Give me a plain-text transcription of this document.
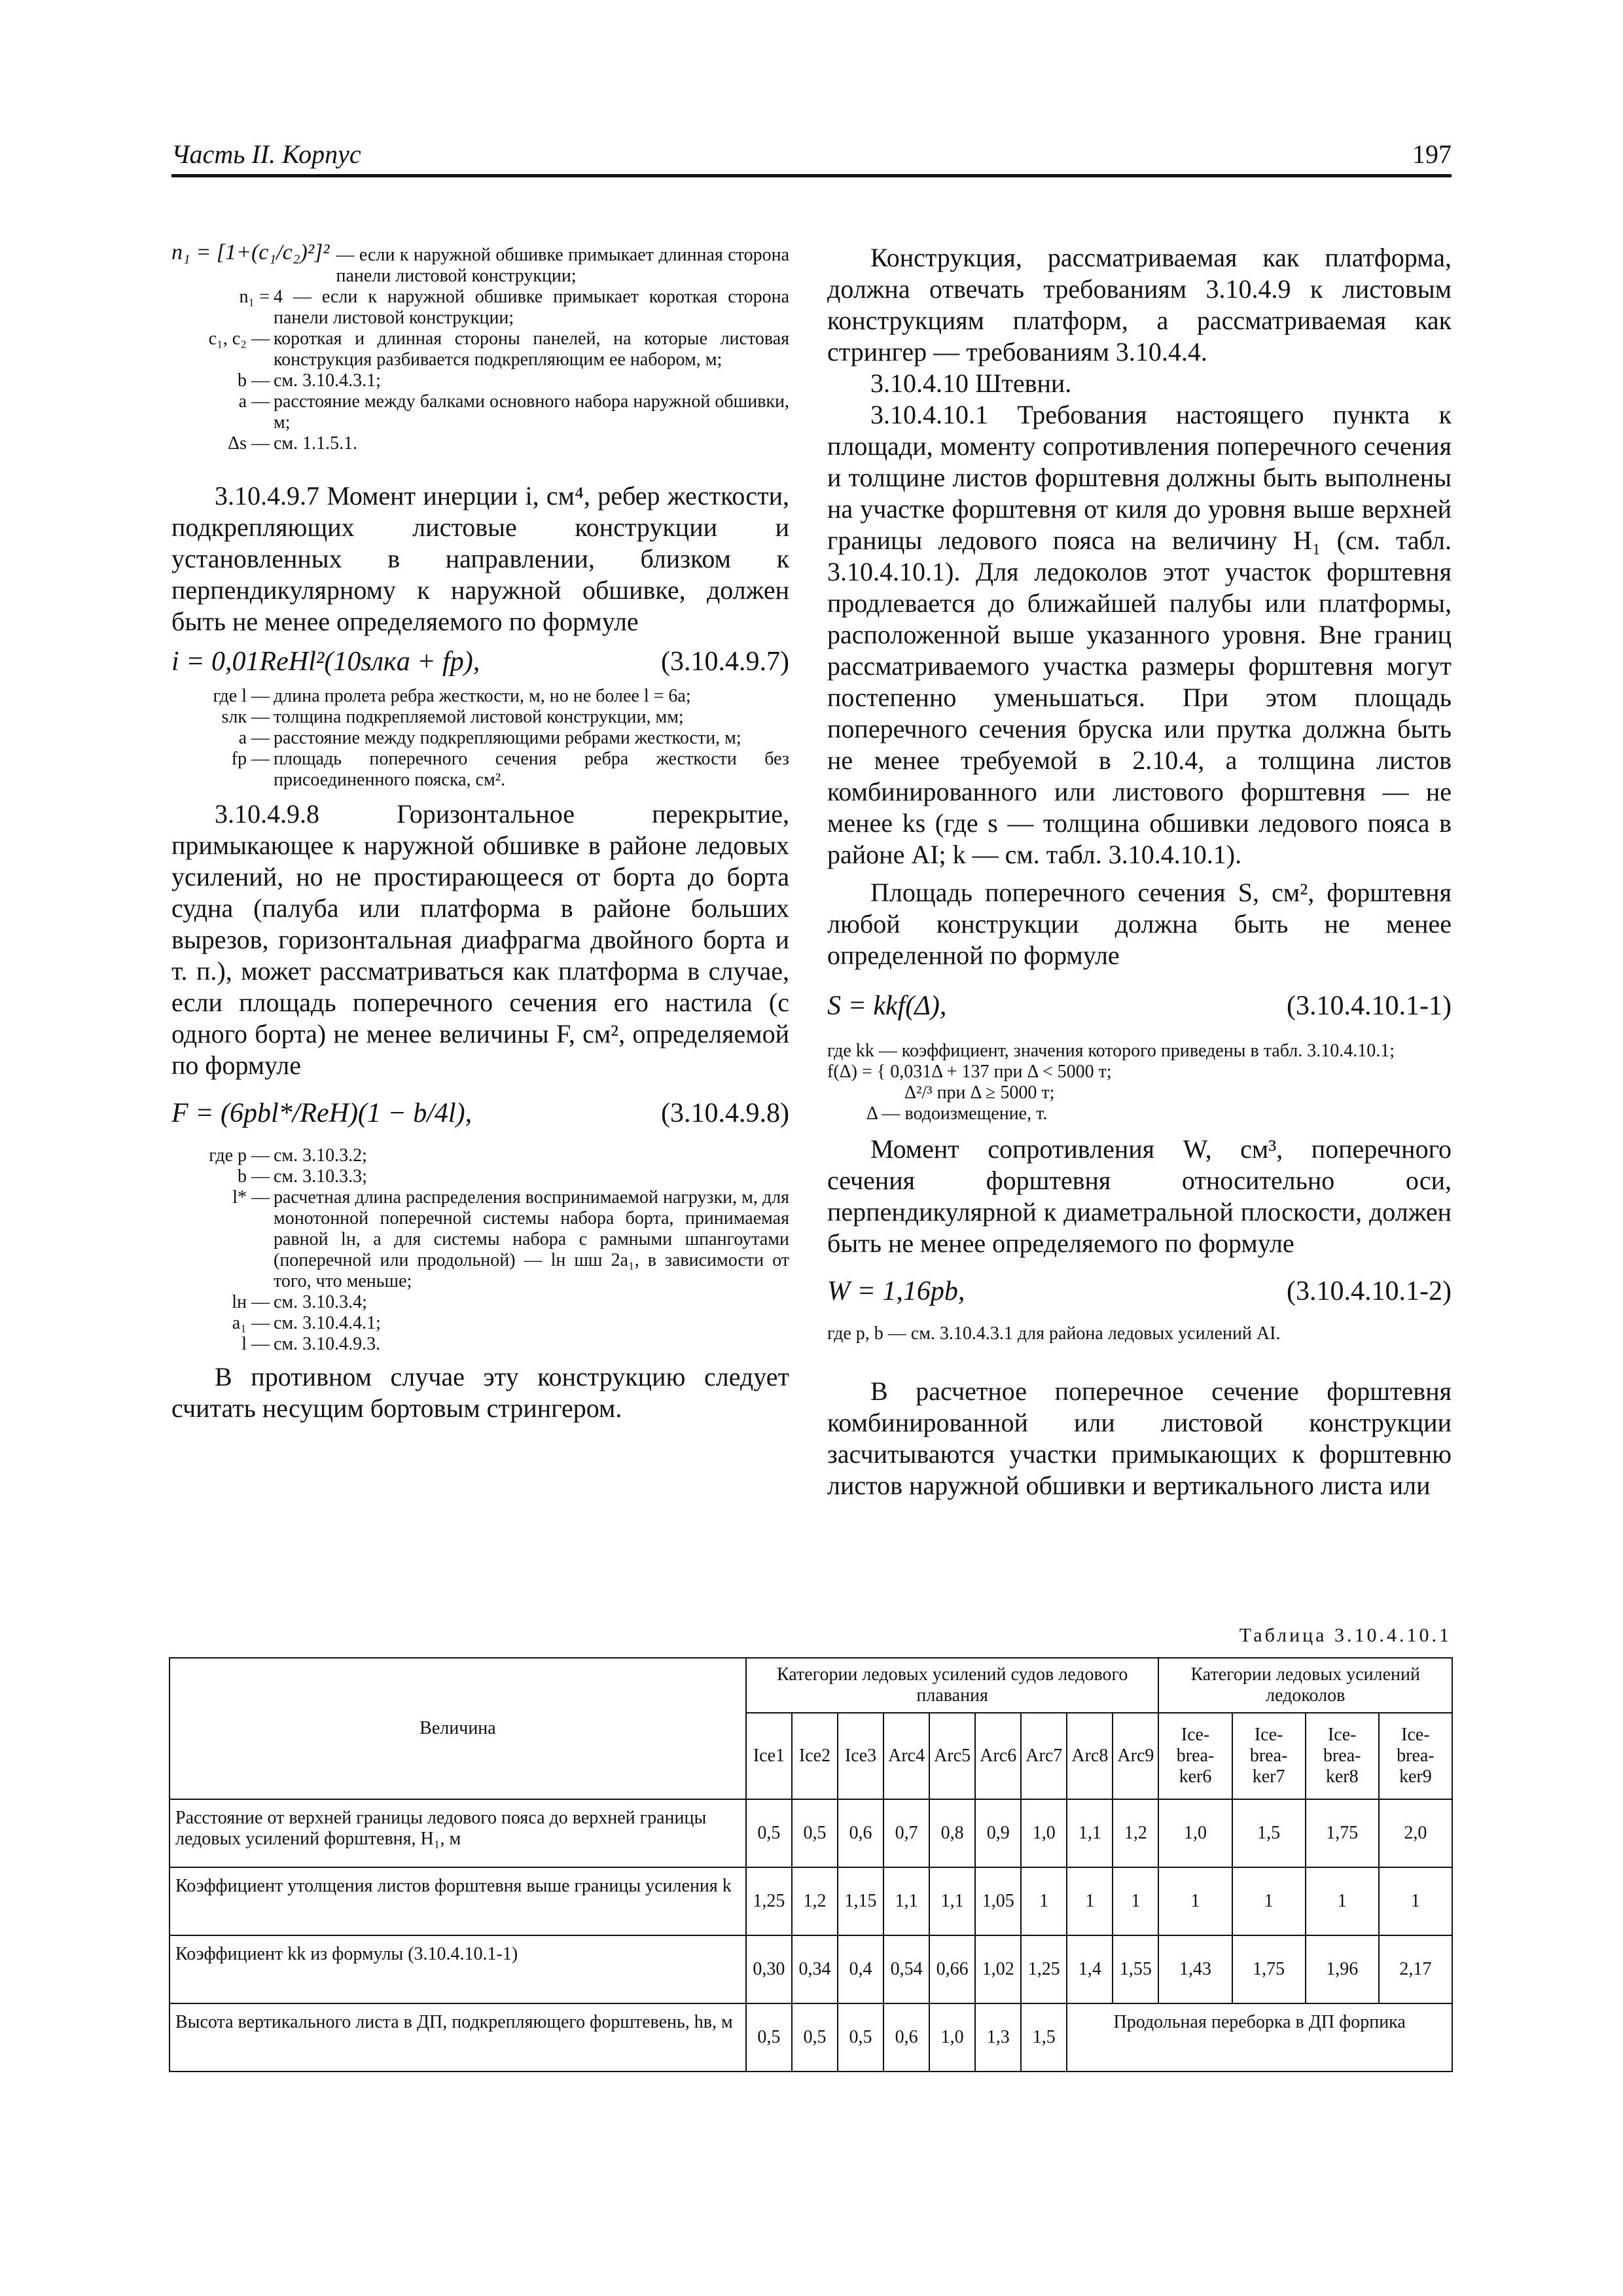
Часть II. Корпус	197
n₁ = [1+(c₁/c₂)²]² — если к наружной обшивке примыкает длинная сторона панели листовой конструкции;
n₁ = 4 — если к наружной обшивке примыкает короткая сторона панели листовой конструкции;
c₁, c₂ — короткая и длинная стороны панелей, на которые листовая конструкция разбивается подкрепляющим ее набором, м;
b — см. 3.10.4.3.1;
a — расстояние между балками основного набора наружной обшивки, м;
Δs — см. 1.1.5.1.

3.10.4.9.7 Момент инерции i, см⁴, ребер жесткости, подкрепляющих листовые конструкции и установленных в направлении, близком к перпендикулярному к наружной обшивке, должен быть не менее определяемого по формуле

i = 0,01ReHl²(10sлкa + fp),	(3.10.4.9.7)
где l — длина пролета ребра жесткости, м, но не более l = 6a;
sлк — толщина подкрепляемой листовой конструкции, мм;
a — расстояние между подкрепляющими ребрами жесткости, м;
fp — площадь поперечного сечения ребра жесткости без присоединенного пояска, см².

3.10.4.9.8 Горизонтальное перекрытие, примыкающее к наружной обшивке в районе ледовых усилений, но не простирающееся от борта до борта судна (палуба или платформа в районе больших вырезов, горизонтальная диафрагма двойного борта и т. п.), может рассматриваться как платформа в случае, если площадь поперечного сечения его настила (с одного борта) не менее величины F, см², определяемой по формуле

F = (6pbl*/ReH)(1 − b/4l),	(3.10.4.9.8)
где p — см. 3.10.3.2;
b — см. 3.10.3.3;
l* — расчетная длина распределения воспринимаемой нагрузки, м, для монотонной поперечной системы набора борта, принимаемая равной lн, а для системы набора с рамными шпангоутами (поперечной или продольной) — lн шш 2a₁, в зависимости от того, что меньше;
lн — см. 3.10.3.4;
a₁ — см. 3.10.4.4.1;
l — см. 3.10.4.9.3.

В противном случае эту конструкцию следует считать несущим бортовым стрингером.

Конструкция, рассматриваемая как платформа, должна отвечать требованиям 3.10.4.9 к листовым конструкциям платформ, а рассматриваемая как стрингер — требованиям 3.10.4.4.

3.10.4.10 Штевни.

3.10.4.10.1 Требования настоящего пункта к площади, моменту сопротивления поперечного сечения и толщине листов форштевня должны быть выполнены на участке форштевня от киля до уровня выше верхней границы ледового пояса на величину H₁ (см. табл. 3.10.4.10.1). Для ледоколов этот участок форштевня продлевается до ближайшей палубы или платформы, расположенной выше указанного уровня. Вне границ рассматриваемого участка размеры форштевня могут постепенно уменьшаться. При этом площадь поперечного сечения бруска или прутка должна быть не менее требуемой в 2.10.4, а толщина листов комбинированного или листового форштевня — не менее ks (где s — толщина обшивки ледового пояса в районе AI; k — см. табл. 3.10.4.10.1).

Площадь поперечного сечения S, см², форштевня любой конструкции должна быть не менее определенной по формуле

S = kkf(Δ),	(3.10.4.10.1-1)
где kk — коэффициент, значения которого приведены в табл. 3.10.4.10.1;
f(Δ) = { 0,031Δ + 137 при Δ < 5000 т;
Δ²/³ при Δ ≥ 5000 т;
Δ — водоизмещение, т.

Момент сопротивления W, см³, поперечного сечения форштевня относительно оси, перпендикулярной к диаметральной плоскости, должен быть не менее определяемого по формуле

W = 1,16pb,	(3.10.4.10.1-2)
где p, b — см. 3.10.4.3.1 для района ледовых усилений AI.

В расчетное поперечное сечение форштевня комбинированной или листовой конструкции засчитываются участки примыкающих к форштевню листов наружной обшивки и вертикального листа или

Таблица 3.10.4.10.1
Величина	Категории ледовых усилений судов ледового плавания									Категории ледовых усилений ледоколов			
	Ice1	Ice2	Ice3	Arc4	Arc5	Arc6	Arc7	Arc8	Arc9	Ice-brea-ker6	Ice-brea-ker7	Ice-brea-ker8	Ice-brea-ker9
Расстояние от верхней границы ледового пояса до верхней границы ледовых усилений форштевня, H₁, м	0,5	0,5	0,6	0,7	0,8	0,9	1,0	1,1	1,2	1,0	1,5	1,75	2,0
Коэффициент утолщения листов форштевня выше границы усиления k	1,25	1,2	1,15	1,1	1,1	1,05	1	1	1	1	1	1	1
Коэффициент kk из формулы (3.10.4.10.1-1)	0,30	0,34	0,4	0,54	0,66	1,02	1,25	1,4	1,55	1,43	1,75	1,96	2,17
Высота вертикального листа в ДП, подкрепляющего форштевень, hв, м	0,5	0,5	0,5	0,6	1,0	1,3	1,5	Продольная переборка в ДП форпика					
